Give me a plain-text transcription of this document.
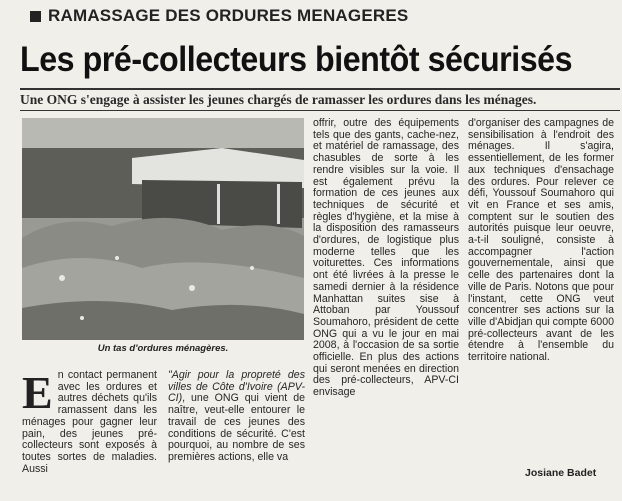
RAMASSAGE DES ORDURES MENAGERES
Les pré-collecteurs bientôt sécurisés
Une ONG s'engage à assister les jeunes chargés de ramasser les ordures dans les ménages.
Un tas d'ordures ménagères.
E n contact permanent avec les ordures et autres déchets qu'ils ramassent dans les ménages pour gagner leur pain, des jeunes pré-collecteurs sont exposés à toutes sortes de maladies. Aussi

"Agir pour la propreté des villes de Côte d'Ivoire (APV-CI), une ONG qui vient de naître, veut-elle entourer le travail de ces jeunes des conditions de sécurité. C'est pourquoi, au nombre de ses premières actions, elle va

offrir, outre des équipements tels que des gants, cache-nez, et matériel de ramassage, des chasubles de sorte à les rendre visibles sur la voie. Il est également prévu la formation de ces jeunes aux techniques de sécurité et règles d'hygiène, et la mise à la disposition des ramasseurs d'ordures, de logistique plus moderne telles que les voiturettes. Ces informations ont été livrées à la presse le samedi dernier à la résidence Manhattan suites sise à Attoban par Youssouf Soumahoro, président de cette ONG qui a vu le jour en mai 2008, à l'occasion de sa sortie officielle. En plus des actions qui seront menées en direction des pré-collecteurs, APV-CI envisage

d'organiser des campagnes de sensibilisation à l'endroit des ménages. Il s'agira, essentiellement, de les former aux techniques d'ensachage des ordures. Pour relever ce défi, Youssouf Soumahoro qui vit en France et ses amis, comptent sur le soutien des autorités puisque leur oeuvre, a-t-il souligné, consiste à accompagner l'action gouvernementale, ainsi que celle des partenaires dont la ville de Paris. Notons que pour l'instant, cette ONG veut concentrer ses actions sur la ville d'Abidjan qui compte 6000 pré-collecteurs avant de les étendre à l'ensemble du territoire national.

Josiane Badet
